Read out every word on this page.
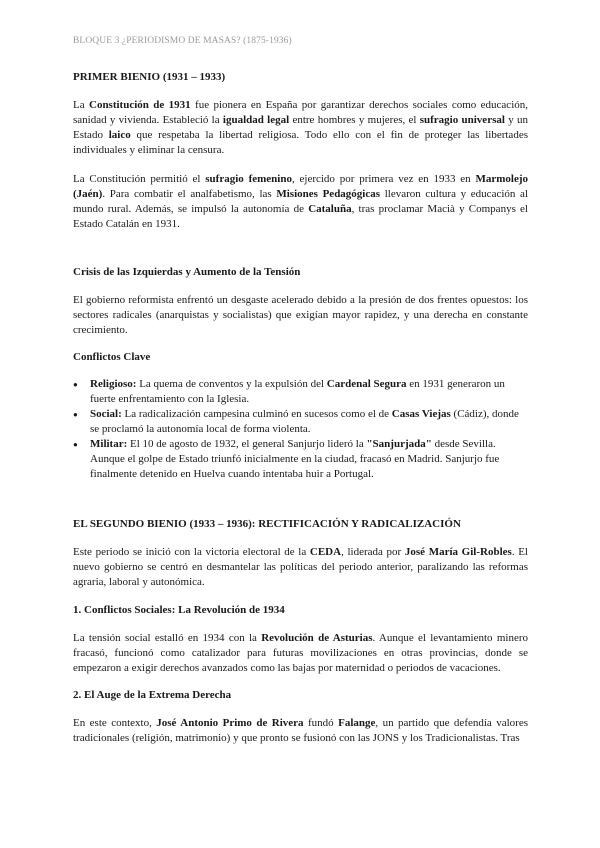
BLOQUE 3 ¿PERIODISMO DE MASAS? (1875-1936)

PRIMER BIENIO (1931 – 1933)

La Constitución de 1931 fue pionera en España por garantizar derechos sociales como educación, sanidad y vivienda. Estableció la igualdad legal entre hombres y mujeres, el sufragio universal y un Estado laico que respetaba la libertad religiosa. Todo ello con el fin de proteger las libertades individuales y eliminar la censura.

La Constitución permitió el sufragio femenino, ejercido por primera vez en 1933 en Marmolejo (Jaén). Para combatir el analfabetismo, las Misiones Pedagógicas llevaron cultura y educación al mundo rural. Además, se impulsó la autonomía de Cataluña, tras proclamar Macià y Companys el Estado Catalán en 1931.

Crisis de las Izquierdas y Aumento de la Tensión

El gobierno reformista enfrentó un desgaste acelerado debido a la presión de dos frentes opuestos: los sectores radicales (anarquistas y socialistas) que exigían mayor rapidez, y una derecha en constante crecimiento.

Conflictos Clave

● Religioso: La quema de conventos y la expulsión del Cardenal Segura en 1931 generaron un fuerte enfrentamiento con la Iglesia.
● Social: La radicalización campesina culminó en sucesos como el de Casas Viejas (Cádiz), donde se proclamó la autonomía local de forma violenta.
● Militar: El 10 de agosto de 1932, el general Sanjurjo lideró la "Sanjurjada" desde Sevilla. Aunque el golpe de Estado triunfó inicialmente en la ciudad, fracasó en Madrid. Sanjurjo fue finalmente detenido en Huelva cuando intentaba huir a Portugal.

EL SEGUNDO BIENIO (1933 – 1936): RECTIFICACIÓN Y RADICALIZACIÓN

Este periodo se inició con la victoria electoral de la CEDA, liderada por José María Gil-Robles. El nuevo gobierno se centró en desmantelar las políticas del periodo anterior, paralizando las reformas agraria, laboral y autonómica.

1. Conflictos Sociales: La Revolución de 1934

La tensión social estalló en 1934 con la Revolución de Asturias. Aunque el levantamiento minero fracasó, funcionó como catalizador para futuras movilizaciones en otras provincias, donde se empezaron a exigir derechos avanzados como las bajas por maternidad o periodos de vacaciones.

2. El Auge de la Extrema Derecha

En este contexto, José Antonio Primo de Rivera fundó Falange, un partido que defendía valores tradicionales (religión, matrimonio) y que pronto se fusionó con las JONS y los Tradicionalistas. Tras
